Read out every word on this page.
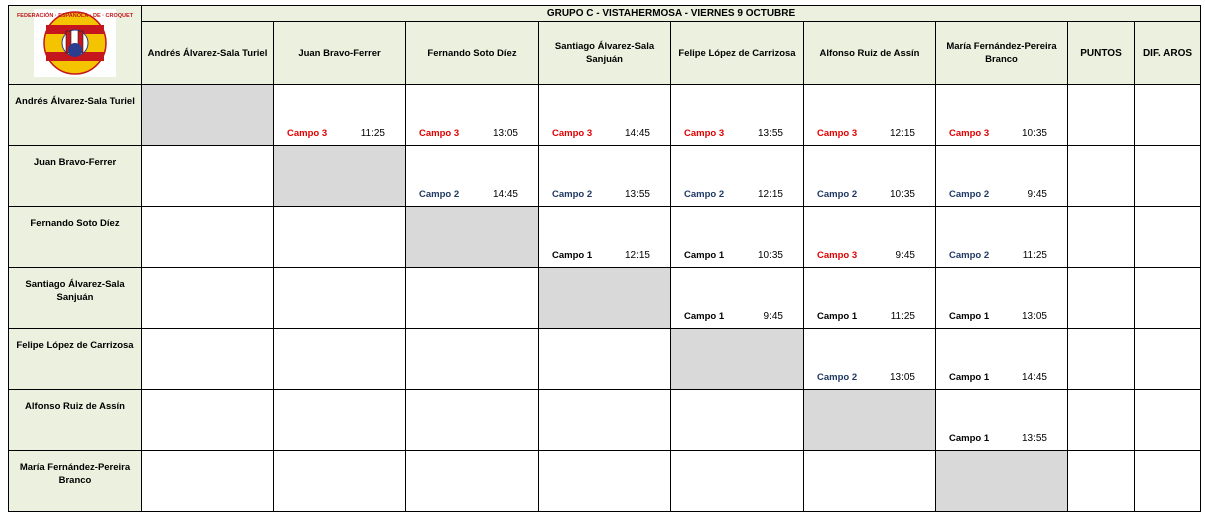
FEDERACIÓN · ESPAÑOLA · DE · CROQUET	GRUPO C - VISTAHERMOSA - VIERNES 9 OCTUBRE								
	Andrés Álvarez-Sala Turiel	Juan Bravo-Ferrer	Fernando Soto Díez	Santiago Álvarez-Sala Sanjuán	Felipe López de Carrizosa	Alfonso Ruiz de Assín	María Fernández-Pereira Branco	PUNTOS	DIF. AROS

Andrés Álvarez-Sala Turiel		Campo 3 11:25	Campo 3 13:05	Campo 3 14:45	Campo 3 13:55	Campo 3 12:15	Campo 3 10:35		

Juan Bravo-Ferrer			Campo 2 14:45	Campo 2 13:55	Campo 2 12:15	Campo 2 10:35	Campo 2 9:45		

Fernando Soto Díez				Campo 1 12:15	Campo 1 10:35	Campo 3 9:45	Campo 2 11:25		

Santiago Álvarez-Sala Sanjuán					Campo 1 9:45	Campo 1 11:25	Campo 1 13:05		

Felipe López de Carrizosa						Campo 2 13:05	Campo 1 14:45		

Alfonso Ruiz de Assín							Campo 1 13:55		

María Fernández-Pereira Branco									
